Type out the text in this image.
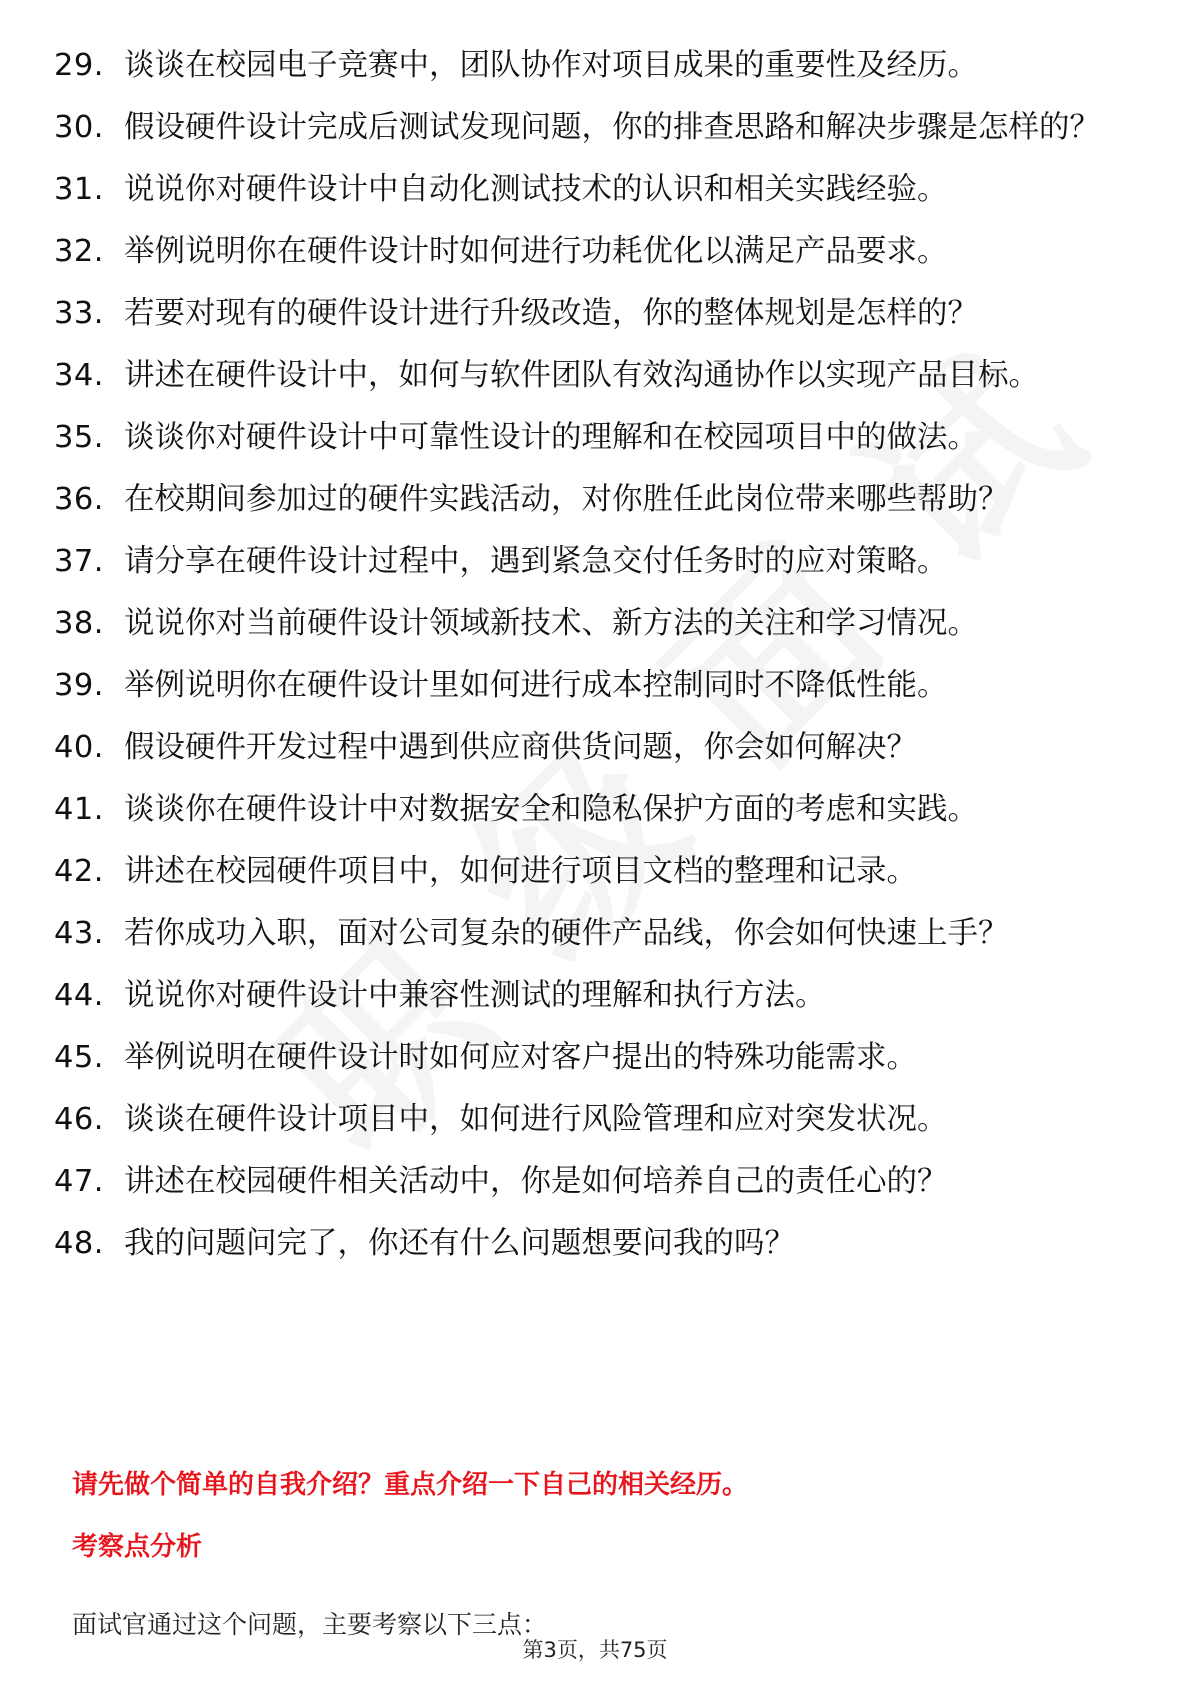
29. 谈谈在校园电子竞赛中，团队协作对项目成果的重要性及经历。
30. 假设硬件设计完成后测试发现问题，你的排查思路和解决步骤是怎样的？
31. 说说你对硬件设计中自动化测试技术的认识和相关实践经验。
32. 举例说明你在硬件设计时如何进行功耗优化以满足产品要求。
33. 若要对现有的硬件设计进行升级改造，你的整体规划是怎样的？
34. 讲述在硬件设计中，如何与软件团队有效沟通协作以实现产品目标。
35. 谈谈你对硬件设计中可靠性设计的理解和在校园项目中的做法。
36. 在校期间参加过的硬件实践活动，对你胜任此岗位带来哪些帮助？
37. 请分享在硬件设计过程中，遇到紧急交付任务时的应对策略。
38. 说说你对当前硬件设计领域新技术、新方法的关注和学习情况。
39. 举例说明你在硬件设计里如何进行成本控制同时不降低性能。
40. 假设硬件开发过程中遇到供应商供货问题，你会如何解决？
41. 谈谈你在硬件设计中对数据安全和隐私保护方面的考虑和实践。
42. 讲述在校园硬件项目中，如何进行项目文档的整理和记录。
43. 若你成功入职，面对公司复杂的硬件产品线，你会如何快速上手？
44. 说说你对硬件设计中兼容性测试的理解和执行方法。
45. 举例说明在硬件设计时如何应对客户提出的特殊功能需求。
46. 谈谈在硬件设计项目中，如何进行风险管理和应对突发状况。
47. 讲述在校园硬件相关活动中，你是如何培养自己的责任心的？
48. 我的问题问完了，你还有什么问题想要问我的吗？
请先做个简单的自我介绍？重点介绍一下自己的相关经历。
考察点分析
面试官通过这个问题，主要考察以下三点：
第3页，共75页
